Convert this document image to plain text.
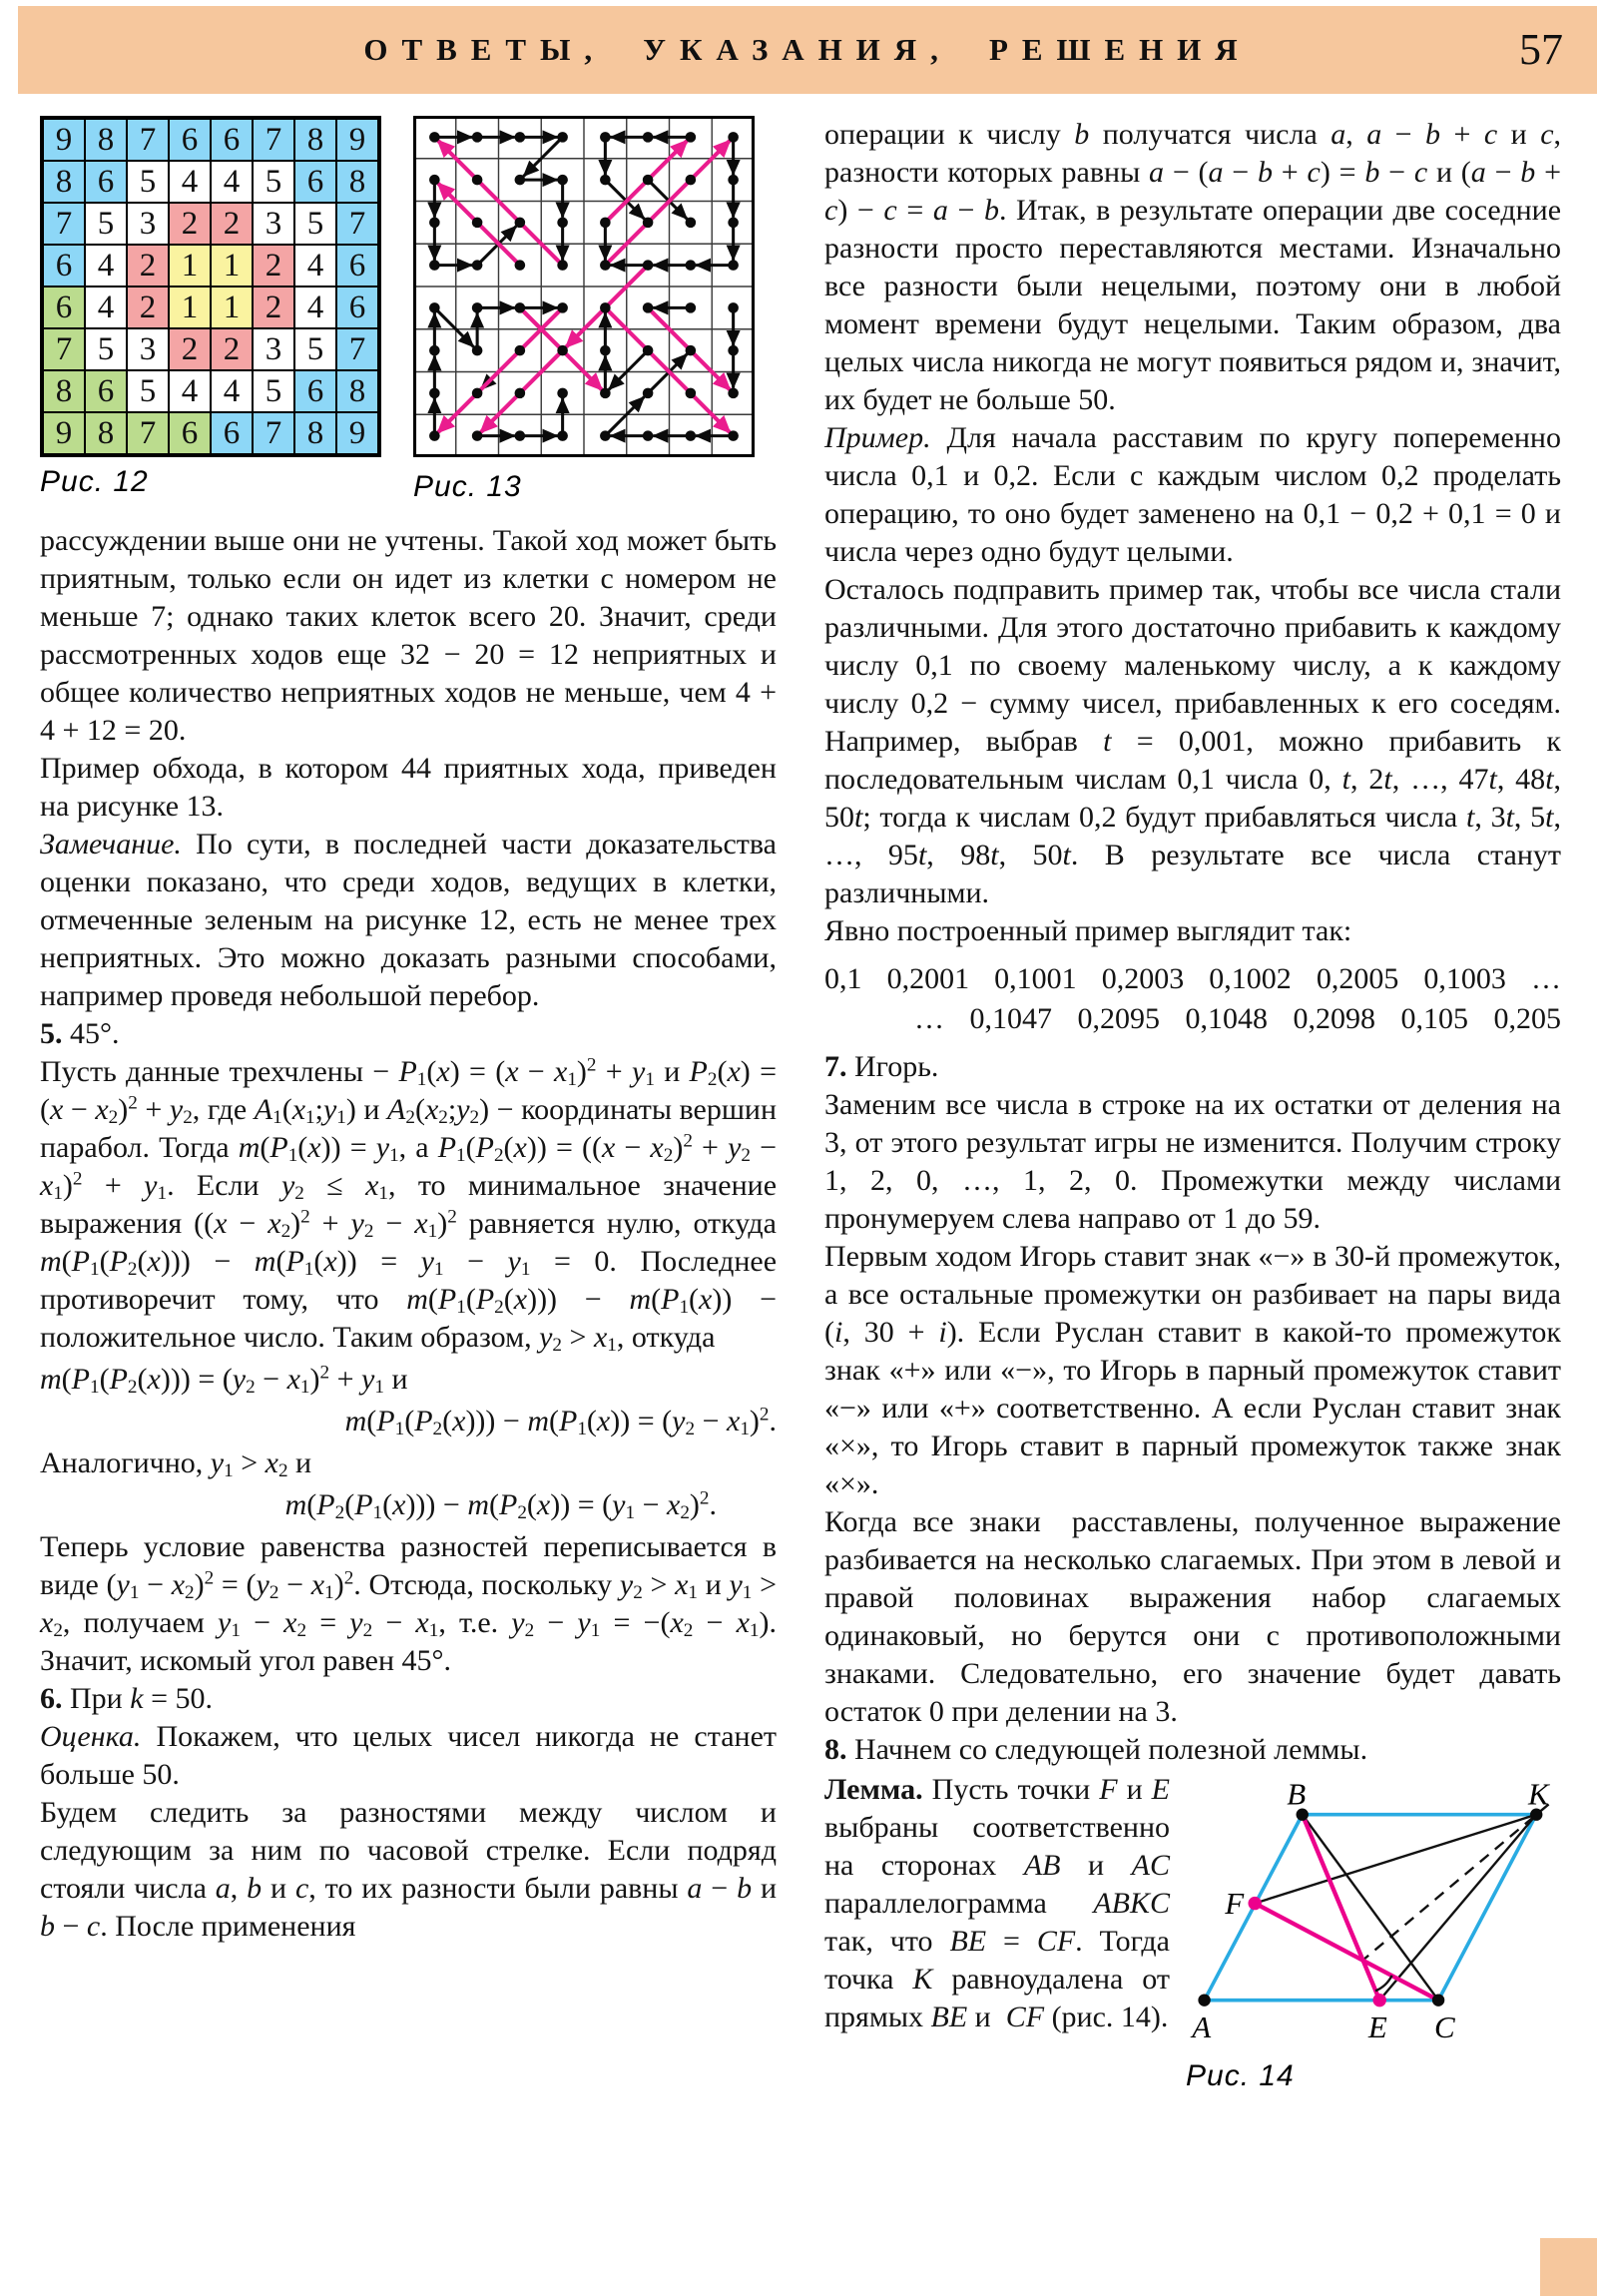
ОТВЕТЫ, УКАЗАНИЯ, РЕШЕНИЯ	57
9 8 7 6 6 7 8 9
8 6 5 4 4 5 6 8
7 5 3 2 2 3 5 7
6 4 2 1 1 2 4 6
6 4 2 1 1 2 4 6
7 5 3 2 2 3 5 7
8 6 5 4 4 5 6 8
9 8 7 6 6 7 8 9
Рис. 12	Рис. 13

рассуждении выше они не учтены. Такой ход может быть приятным, только если он идет из клетки с номером не меньше 7; однако таких клеток всего 20. Значит, среди рассмотренных ходов еще 32 − 20 = 12 неприятных и общее количество неприятных ходов не меньше, чем 4 + 4 + 12 = 20.

Пример обхода, в котором 44 приятных хода, приведен на рисунке 13.

Замечание. По сути, в последней части доказательства оценки показано, что среди ходов, ведущих в клетки, отмеченные зеленым на рисунке 12, есть не менее трех неприятных. Это можно доказать разными способами, например проведя небольшой перебор.

5. 45°.

Пусть данные трехчлены − $P_1(x) = (x - x_1)^2 + y_1$ и $P_2(x) = (x - x_2)^2 + y_2$, где $A_1(x_1;y_1)$ и $A_2(x_2;y_2)$ − координаты вершин парабол. Тогда $m(P_1(x)) = y_1$, а $P_1(P_2(x)) = ((x - x_2)^2 + y_2 - x_1)^2 + y_1$. Если $y_2 \le x_1$, то минимальное значение выражения $((x - x_2)^2 + y_2 - x_1)^2$ равняется нулю, откуда $m(P_1(P_2(x))) - m(P_1(x)) = y_1 - y_1 = 0$. Последнее противоречит тому, что $m(P_1(P_2(x))) - m(P_1(x))$ − положительное число. Таким образом, $y_2 > x_1$, откуда

$m(P_1(P_2(x))) = (y_2 - x_1)^2 + y_1$ и

$m(P_1(P_2(x))) - m(P_1(x)) = (y_2 - x_1)^2$.

Аналогично, $y_1 > x_2$ и

$m(P_2(P_1(x))) - m(P_2(x)) = (y_1 - x_2)^2$.

Теперь условие равенства разностей переписывается в виде $(y_1 - x_2)^2 = (y_2 - x_1)^2$. Отсюда, поскольку $y_2 > x_1$ и $y_1 > x_2$, получаем $y_1 - x_2 = y_2 - x_1$, т.е. $y_2 - y_1 = -(x_2 - x_1)$. Значит, искомый угол равен 45°.

6. При k = 50.

Оценка. Покажем, что целых чисел никогда не станет больше 50.

Будем следить за разностями между числом и следующим за ним по часовой стрелке. Если подряд стояли числа a, b и c, то их разности были равны a − b и b − c. После применения

операции к числу b получатся числа a, a − b + c и c, разности которых равны a − (a − b + c) = b − c и (a − b + c) − c = a − b. Итак, в результате операции две соседние разности просто переставляются местами. Изначально все разности были нецелыми, поэтому они в любой момент времени будут нецелыми. Таким образом, два целых числа никогда не могут появиться рядом и, значит, их будет не больше 50.

Пример. Для начала расставим по кругу попеременно числа 0,1 и 0,2. Если с каждым числом 0,2 проделать операцию, то оно будет заменено на 0,1 − 0,2 + 0,1 = 0 и числа через одно будут целыми.

Осталось подправить пример так, чтобы все числа стали различными. Для этого достаточно прибавить к каждому числу 0,1 по своему маленькому числу, а к каждому числу 0,2 − сумму чисел, прибавленных к его соседям. Например, выбрав t = 0,001, можно прибавить к последовательным числам 0,1 числа 0, t, 2t, …, 47t, 48t, 50t; тогда к числам 0,2 будут прибавляться числа t, 3t, 5t, …, 95t, 98t, 50t. В результате все числа станут различными.

Явно построенный пример выглядит так:

0,1  0,2001  0,1001  0,2003  0,1002  0,2005  0,1003  …

… 0,1047 0,2095 0,1048 0,2098 0,105 0,205

7. Игорь.

Заменим все числа в строке на их остатки от деления на 3, от этого результат игры не изменится. Получим строку 1, 2, 0, …, 1, 2, 0. Промежутки между числами пронумеруем слева направо от 1 до 59.

Первым ходом Игорь ставит знак «−» в 30-й промежуток, а все остальные промежутки он разбивает на пары вида (i, 30 + i). Если Руслан ставит в какой-то промежуток знак «+» или «−», то Игорь в парный промежуток ставит «−» или «+» соответственно. А если Руслан ставит знак «×», то Игорь ставит в парный промежуток также знак «×».

Когда все знаки  расставлены, полученное выражение разбивается на несколько слагаемых. При этом в левой и правой половинах выражения набор слагаемых одинаковый, но берутся они с противоположными знаками. Следовательно, его значение будет давать остаток 0 при делении на 3.

8. Начнем со следующей полезной леммы.

A
B	K
C
E
F
Рис. 14

Лемма. Пусть точки F и E выбраны соответственно на сторонах AB и AC параллелограмма ABKC так, что BE = CF. Тогда точка K равноудалена от прямых BE и  CF (рис. 14).
